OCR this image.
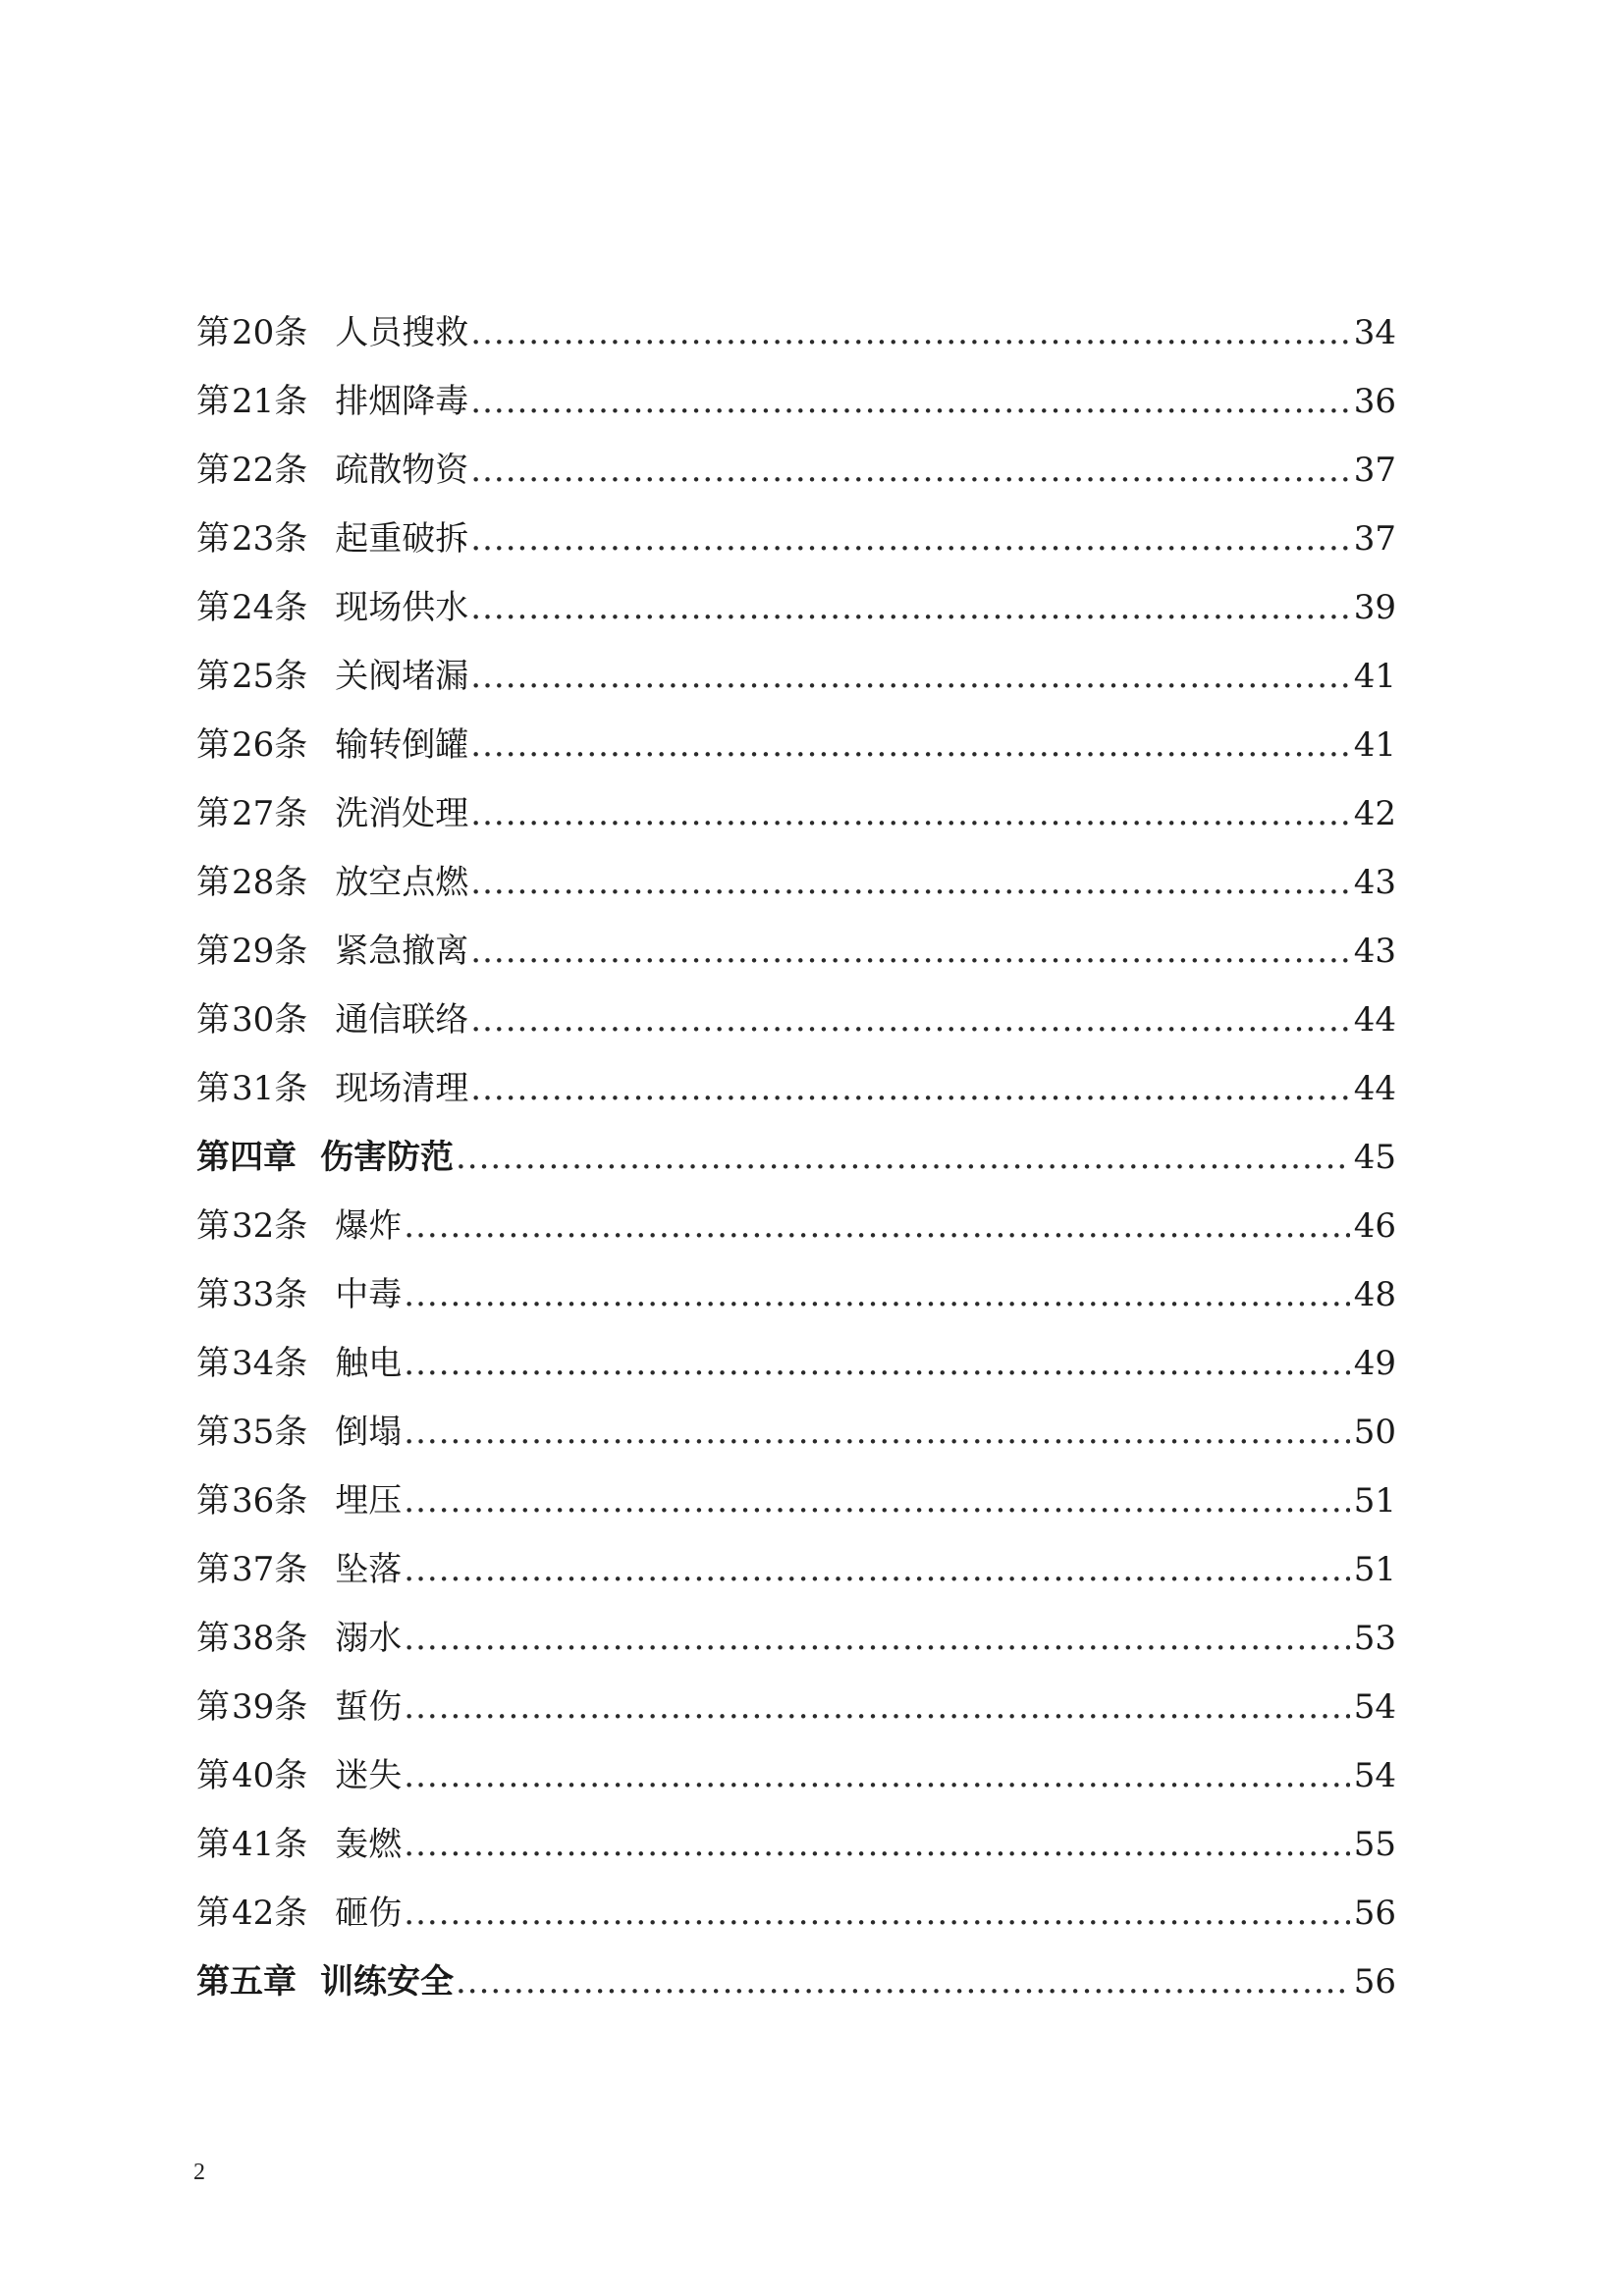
第20条 人员搜救 .....	34
第21条 排烟降毒 .....	36
第22条 疏散物资 .....	37
第23条 起重破拆 .....	37
第24条 现场供水 .....	39
第25条 关阀堵漏 .....	41
第26条 输转倒罐 .....	41
第27条 洗消处理 .....	42
第28条 放空点燃 .....	43
第29条 紧急撤离 .....	43
第30条 通信联络 .....	44
第31条 现场清理 .....	44
第四章 伤害防范 .....	45
第32条 爆炸 .....	46
第33条 中毒 .....	48
第34条 触电 .....	49
第35条 倒塌 .....	50
第36条 埋压 .....	51
第37条 坠落 .....	51
第38条 溺水 .....	53
第39条 蜇伤 .....	54
第40条 迷失 .....	54
第41条 轰燃 .....	55
第42条 砸伤 .....	56
第五章 训练安全 .....	56
2
